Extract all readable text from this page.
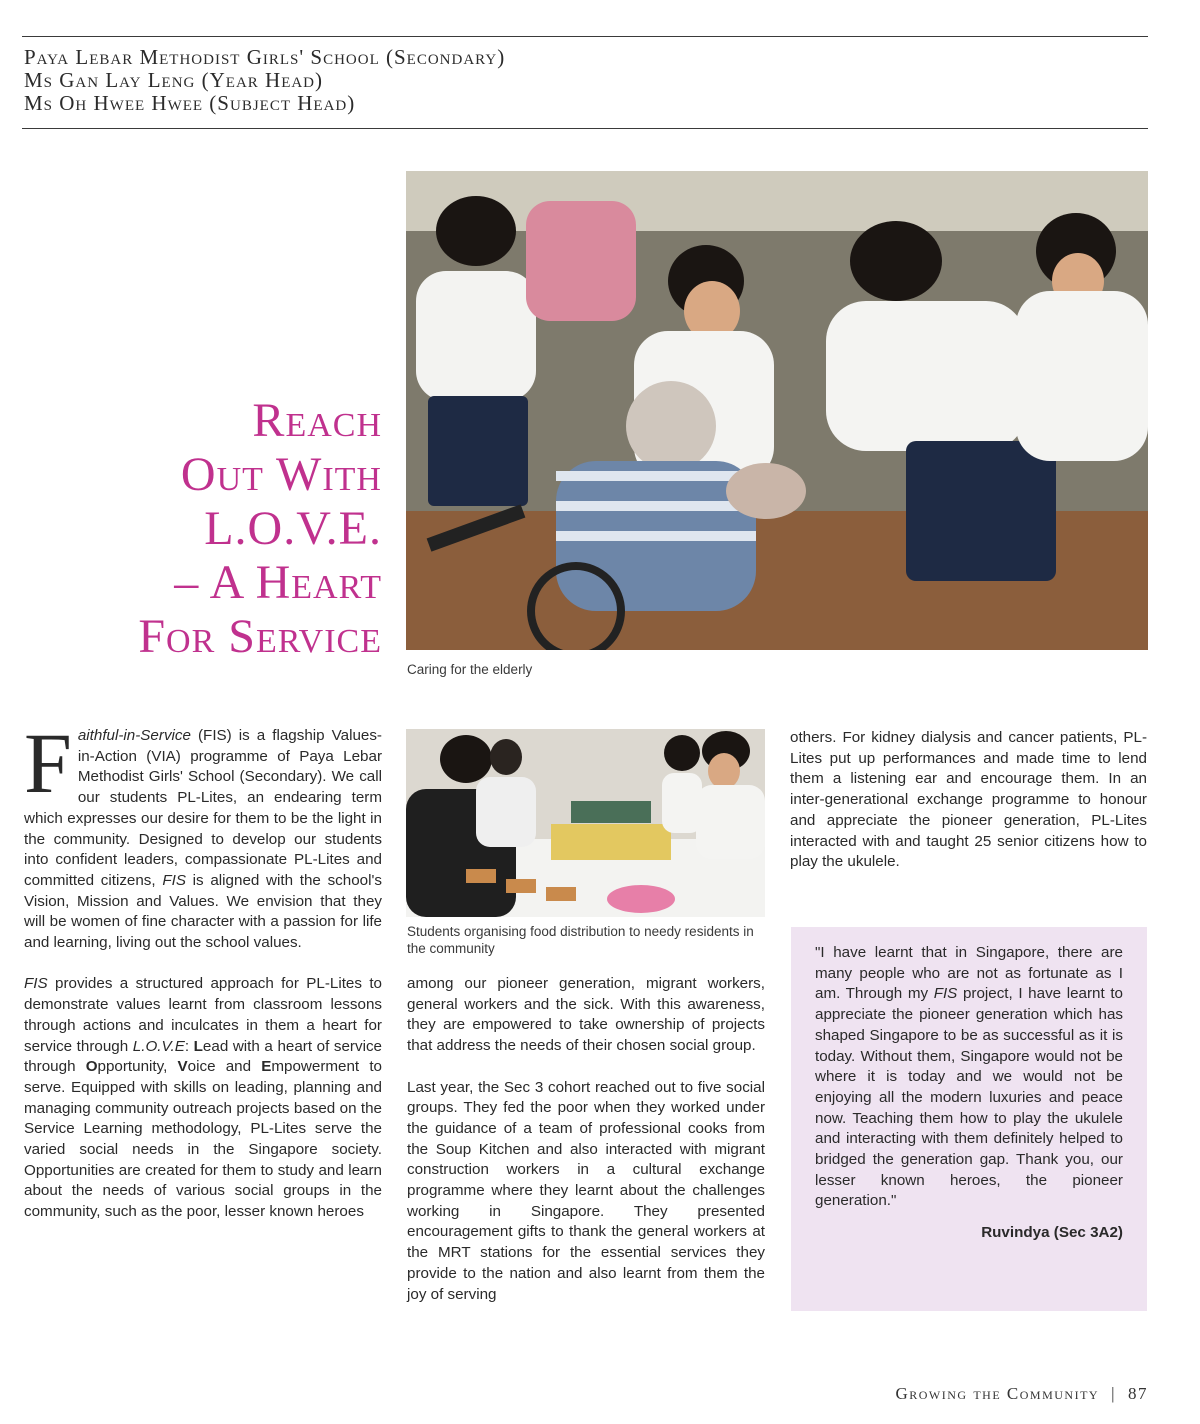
Paya Lebar Methodist Girls' School (Secondary)
Ms Gan Lay Leng (Year Head)
Ms Oh Hwee Hwee (Subject Head)
Reach
Out With
L.O.V.E.
– A Heart
For Service
Caring for the elderly

Faithful-in-Service (FIS) is a flagship Values-in-Action (VIA) programme of Paya Lebar Methodist Girls' School (Secondary). We call our students PL-Lites, an endearing term which expresses our desire for them to be the light in the community. Designed to develop our students into confident leaders, compassionate PL-Lites and committed citizens, FIS is aligned with the school's Vision, Mission and Values. We envision that they will be women of fine character with a passion for life and learning, living out the school values.

FIS provides a structured approach for PL-Lites to demonstrate values learnt from classroom lessons through actions and inculcates in them a heart for service through L.O.V.E: Lead with a heart of service through Opportunity, Voice and Empowerment to serve. Equipped with skills on leading, planning and managing community outreach projects based on the Service Learning methodology, PL-Lites serve the varied social needs in the Singapore society. Opportunities are created for them to study and learn about the needs of various social groups in the community, such as the poor, lesser known heroes

Students organising food distribution to needy residents in the community

among our pioneer generation, migrant workers, general workers and the sick. With this awareness, they are empowered to take ownership of projects that address the needs of their chosen social group.

Last year, the Sec 3 cohort reached out to five social groups. They fed the poor when they worked under the guidance of a team of professional cooks from the Soup Kitchen and also interacted with migrant construction workers in a cultural exchange programme where they learnt about the challenges working in Singapore. They presented encouragement gifts to thank the general workers at the MRT stations for the essential services they provide to the nation and also learnt from them the joy of serving

others. For kidney dialysis and cancer patients, PL-Lites put up performances and made time to lend them a listening ear and encourage them. In an inter-generational exchange programme to honour and appreciate the pioneer generation, PL-Lites interacted with and taught 25 senior citizens how to play the ukulele.

"I have learnt that in Singapore, there are many people who are not as fortunate as I am. Through my FIS project, I have learnt to appreciate the pioneer generation which has shaped Singapore to be as successful as it is today. Without them, Singapore would not be where it is today and we would not be enjoying all the modern luxuries and peace now. Teaching them how to play the ukulele and interacting with them definitely helped to bridged the generation gap. Thank you, our lesser known heroes, the pioneer generation."
Ruvindya (Sec 3A2)
Growing the Community | 87
